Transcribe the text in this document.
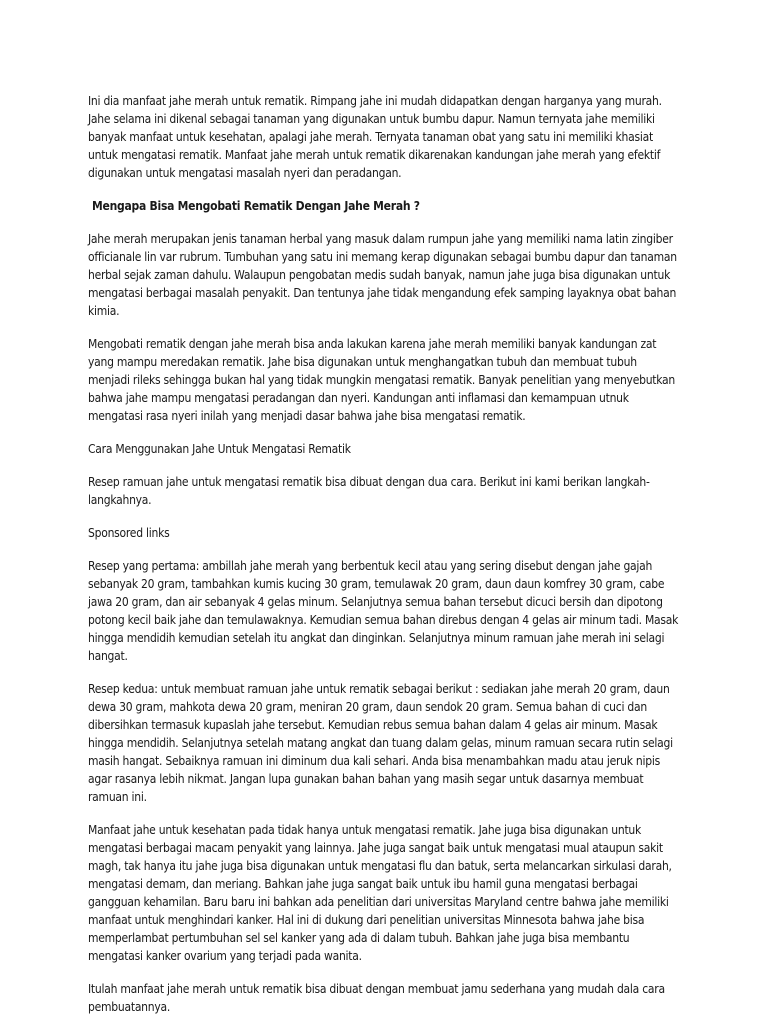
Ini dia manfaat jahe merah untuk rematik. Rimpang jahe ini mudah didapatkan dengan harganya yang murah. Jahe selama ini dikenal sebagai tanaman yang digunakan untuk bumbu dapur. Namun ternyata jahe memiliki banyak manfaat untuk kesehatan, apalagi jahe merah. Ternyata tanaman obat yang satu ini memiliki khasiat untuk mengatasi rematik. Manfaat jahe merah untuk rematik dikarenakan kandungan jahe merah yang efektif digunakan untuk mengatasi masalah nyeri dan peradangan.

Mengapa Bisa Mengobati Rematik Dengan Jahe Merah ?

Jahe merah merupakan jenis tanaman herbal yang masuk dalam rumpun jahe yang memiliki nama latin zingiber officianale lin var rubrum. Tumbuhan yang satu ini memang kerap digunakan sebagai bumbu dapur dan tanaman herbal sejak zaman dahulu. Walaupun pengobatan medis sudah banyak, namun jahe juga bisa digunakan untuk mengatasi berbagai masalah penyakit. Dan tentunya jahe tidak mengandung efek samping layaknya obat bahan kimia.

Mengobati rematik dengan jahe merah bisa anda lakukan karena jahe merah memiliki banyak kandungan zat yang mampu meredakan rematik. Jahe bisa digunakan untuk menghangatkan tubuh dan membuat tubuh menjadi rileks sehingga bukan hal yang tidak mungkin mengatasi rematik. Banyak penelitian yang menyebutkan bahwa jahe mampu mengatasi peradangan dan nyeri. Kandungan anti inflamasi dan kemampuan utnuk mengatasi rasa nyeri inilah yang menjadi dasar bahwa jahe bisa mengatasi rematik.

Cara Menggunakan Jahe Untuk Mengatasi Rematik

Resep ramuan jahe untuk mengatasi rematik bisa dibuat dengan dua cara. Berikut ini kami berikan langkah-langkahnya.

Sponsored links

Resep yang pertama: ambillah jahe merah yang berbentuk kecil atau yang sering disebut dengan jahe gajah sebanyak 20 gram, tambahkan kumis kucing 30 gram, temulawak 20 gram, daun daun komfrey 30 gram, cabe jawa 20 gram, dan air sebanyak 4 gelas minum. Selanjutnya semua bahan tersebut dicuci bersih dan dipotong potong kecil baik jahe dan temulawaknya. Kemudian semua bahan direbus dengan 4 gelas air minum tadi. Masak hingga mendidih kemudian setelah itu angkat dan dinginkan. Selanjutnya minum ramuan jahe merah ini selagi hangat.

Resep kedua: untuk membuat ramuan jahe untuk rematik sebagai berikut : sediakan jahe merah 20 gram, daun dewa 30 gram, mahkota dewa 20 gram, meniran 20 gram, daun sendok 20 gram. Semua bahan di cuci dan dibersihkan termasuk kupaslah jahe tersebut. Kemudian rebus semua bahan dalam 4 gelas air minum. Masak hingga mendidih. Selanjutnya setelah matang angkat dan tuang dalam gelas, minum ramuan secara rutin selagi masih hangat. Sebaiknya ramuan ini diminum dua kali sehari. Anda bisa menambahkan madu atau jeruk nipis agar rasanya lebih nikmat. Jangan lupa gunakan bahan bahan yang masih segar untuk dasarnya membuat ramuan ini.

Manfaat jahe untuk kesehatan pada tidak hanya untuk mengatasi rematik. Jahe juga bisa digunakan untuk mengatasi berbagai macam penyakit yang lainnya. Jahe juga sangat baik untuk mengatasi mual ataupun sakit magh, tak hanya itu jahe juga bisa digunakan untuk mengatasi flu dan batuk, serta melancarkan sirkulasi darah, mengatasi demam, dan meriang. Bahkan jahe juga sangat baik untuk ibu hamil guna mengatasi berbagai gangguan kehamilan. Baru baru ini bahkan ada penelitian dari universitas Maryland centre bahwa jahe memiliki manfaat untuk menghindari kanker. Hal ini di dukung dari penelitian universitas Minnesota bahwa jahe bisa memperlambat pertumbuhan sel sel kanker yang ada di dalam tubuh. Bahkan jahe juga bisa membantu mengatasi kanker ovarium yang terjadi pada wanita.

Itulah manfaat jahe merah untuk rematik bisa dibuat dengan membuat jamu sederhana yang mudah dala cara pembuatannya.
